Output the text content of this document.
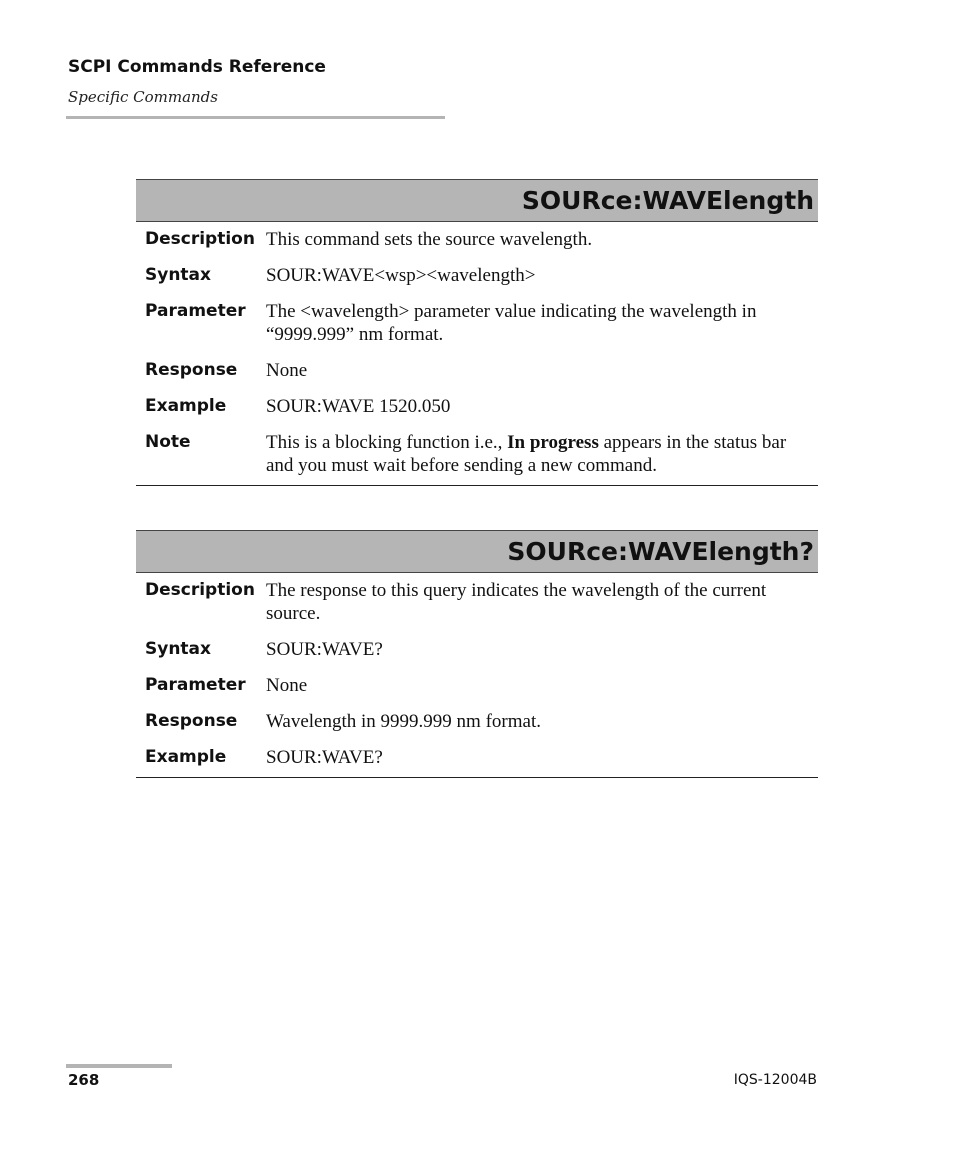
SCPI Commands Reference
Specific Commands
SOURce:WAVElength
Description This command sets the source wavelength.
Syntax	SOUR:WAVE<wsp><wavelength>
Parameter	The <wavelength> parameter value indicating the wavelength in “9999.999” nm format.
Response	None
Example	SOUR:WAVE 1520.050
Note	This is a blocking function i.e., In progress appears in the status bar and you must wait before sending a new command.
SOURce:WAVElength?
Description The response to this query indicates the wavelength of the current source.
Syntax	SOUR:WAVE?
Parameter	None
Response	Wavelength in 9999.999 nm format.
Example	SOUR:WAVE?
268	IQS-12004B
